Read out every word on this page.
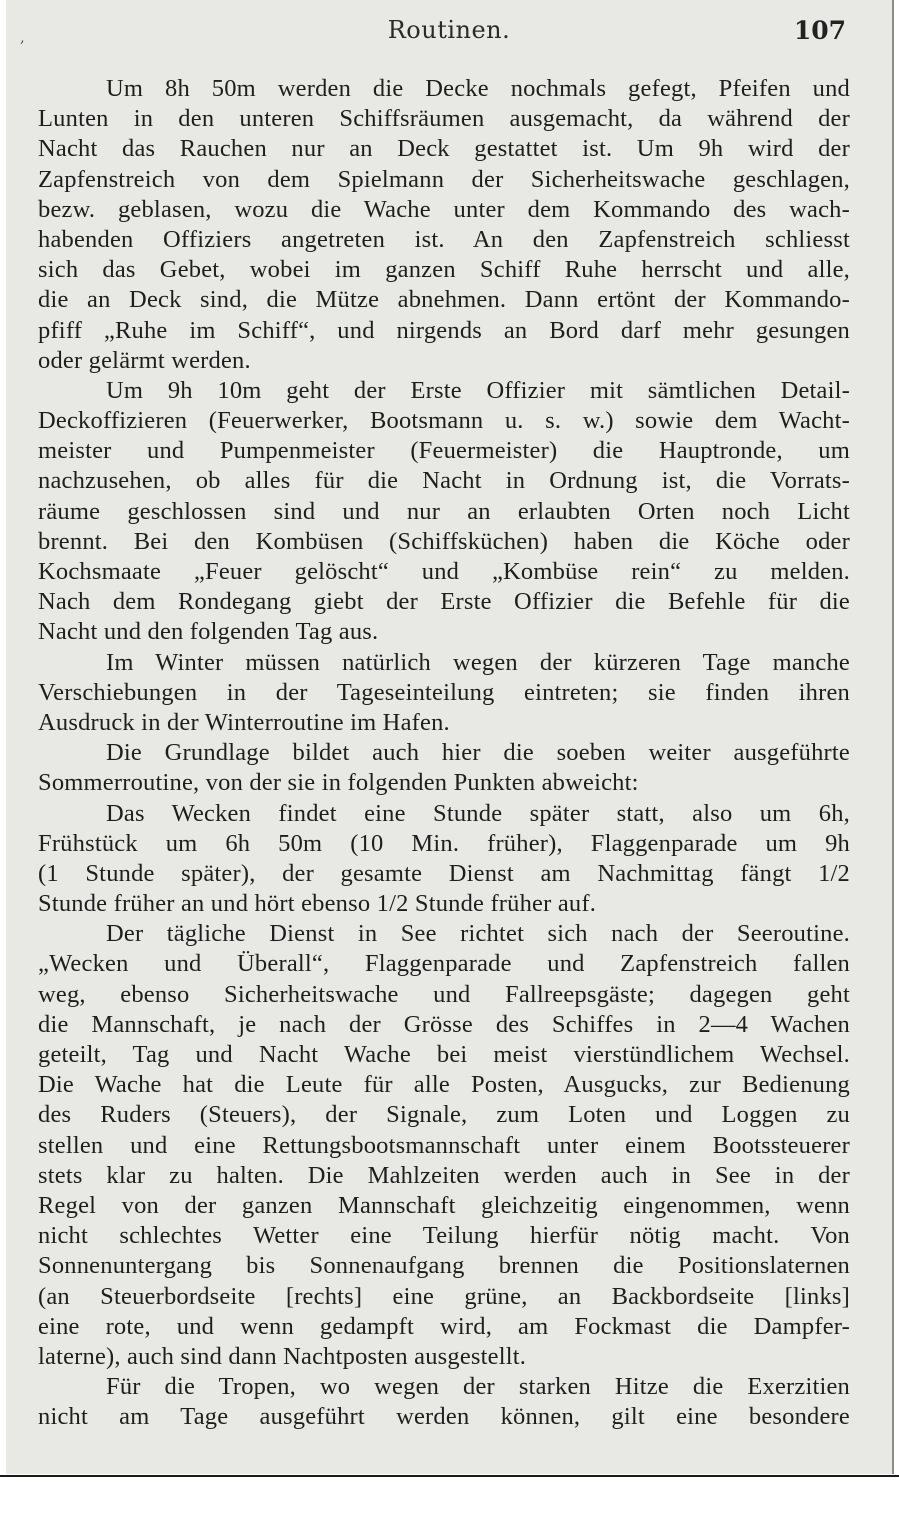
‚	Routinen.	107
Um 8h 50m werden die Decke nochmals gefegt, Pfeifen und
Lunten in den unteren Schiffsräumen ausgemacht, da während der
Nacht das Rauchen nur an Deck gestattet ist. Um 9h wird der
Zapfenstreich von dem Spielmann der Sicherheitswache geschlagen,
bezw. geblasen, wozu die Wache unter dem Kommando des wach-
habenden Offiziers angetreten ist. An den Zapfenstreich schliesst
sich das Gebet, wobei im ganzen Schiff Ruhe herrscht und alle,
die an Deck sind, die Mütze abnehmen. Dann ertönt der Kommando-
pfiff „Ruhe im Schiff“, und nirgends an Bord darf mehr gesungen
oder gelärmt werden.
Um 9h 10m geht der Erste Offizier mit sämtlichen Detail-
Deckoffizieren (Feuerwerker, Bootsmann u. s. w.) sowie dem Wacht-
meister und Pumpenmeister (Feuermeister) die Hauptronde, um
nachzusehen, ob alles für die Nacht in Ordnung ist, die Vorrats-
räume geschlossen sind und nur an erlaubten Orten noch Licht
brennt. Bei den Kombüsen (Schiffsküchen) haben die Köche oder
Kochsmaate „Feuer gelöscht“ und „Kombüse rein“ zu melden.
Nach dem Rondegang giebt der Erste Offizier die Befehle für die
Nacht und den folgenden Tag aus.
Im Winter müssen natürlich wegen der kürzeren Tage manche
Verschiebungen in der Tageseinteilung eintreten; sie finden ihren
Ausdruck in der Winterroutine im Hafen.
Die Grundlage bildet auch hier die soeben weiter ausgeführte
Sommerroutine, von der sie in folgenden Punkten abweicht:
Das Wecken findet eine Stunde später statt, also um 6h,
Frühstück um 6h 50m (10 Min. früher), Flaggenparade um 9h
(1 Stunde später), der gesamte Dienst am Nachmittag fängt 1/2
Stunde früher an und hört ebenso 1/2 Stunde früher auf.
Der tägliche Dienst in See richtet sich nach der Seeroutine.
„Wecken und Überall“, Flaggenparade und Zapfenstreich fallen
weg, ebenso Sicherheitswache und Fallreepsgäste; dagegen geht
die Mannschaft, je nach der Grösse des Schiffes in 2—4 Wachen
geteilt, Tag und Nacht Wache bei meist vierstündlichem Wechsel.
Die Wache hat die Leute für alle Posten, Ausgucks, zur Bedienung
des Ruders (Steuers), der Signale, zum Loten und Loggen zu
stellen und eine Rettungsbootsmannschaft unter einem Bootssteuerer
stets klar zu halten. Die Mahlzeiten werden auch in See in der
Regel von der ganzen Mannschaft gleichzeitig eingenommen, wenn
nicht schlechtes Wetter eine Teilung hierfür nötig macht. Von
Sonnenuntergang bis Sonnenaufgang brennen die Positionslaternen
(an Steuerbordseite [rechts] eine grüne, an Backbordseite [links]
eine rote, und wenn gedampft wird, am Fockmast die Dampfer-
laterne), auch sind dann Nachtposten ausgestellt.
Für die Tropen, wo wegen der starken Hitze die Exerzitien
nicht am Tage ausgeführt werden können, gilt eine besondere
